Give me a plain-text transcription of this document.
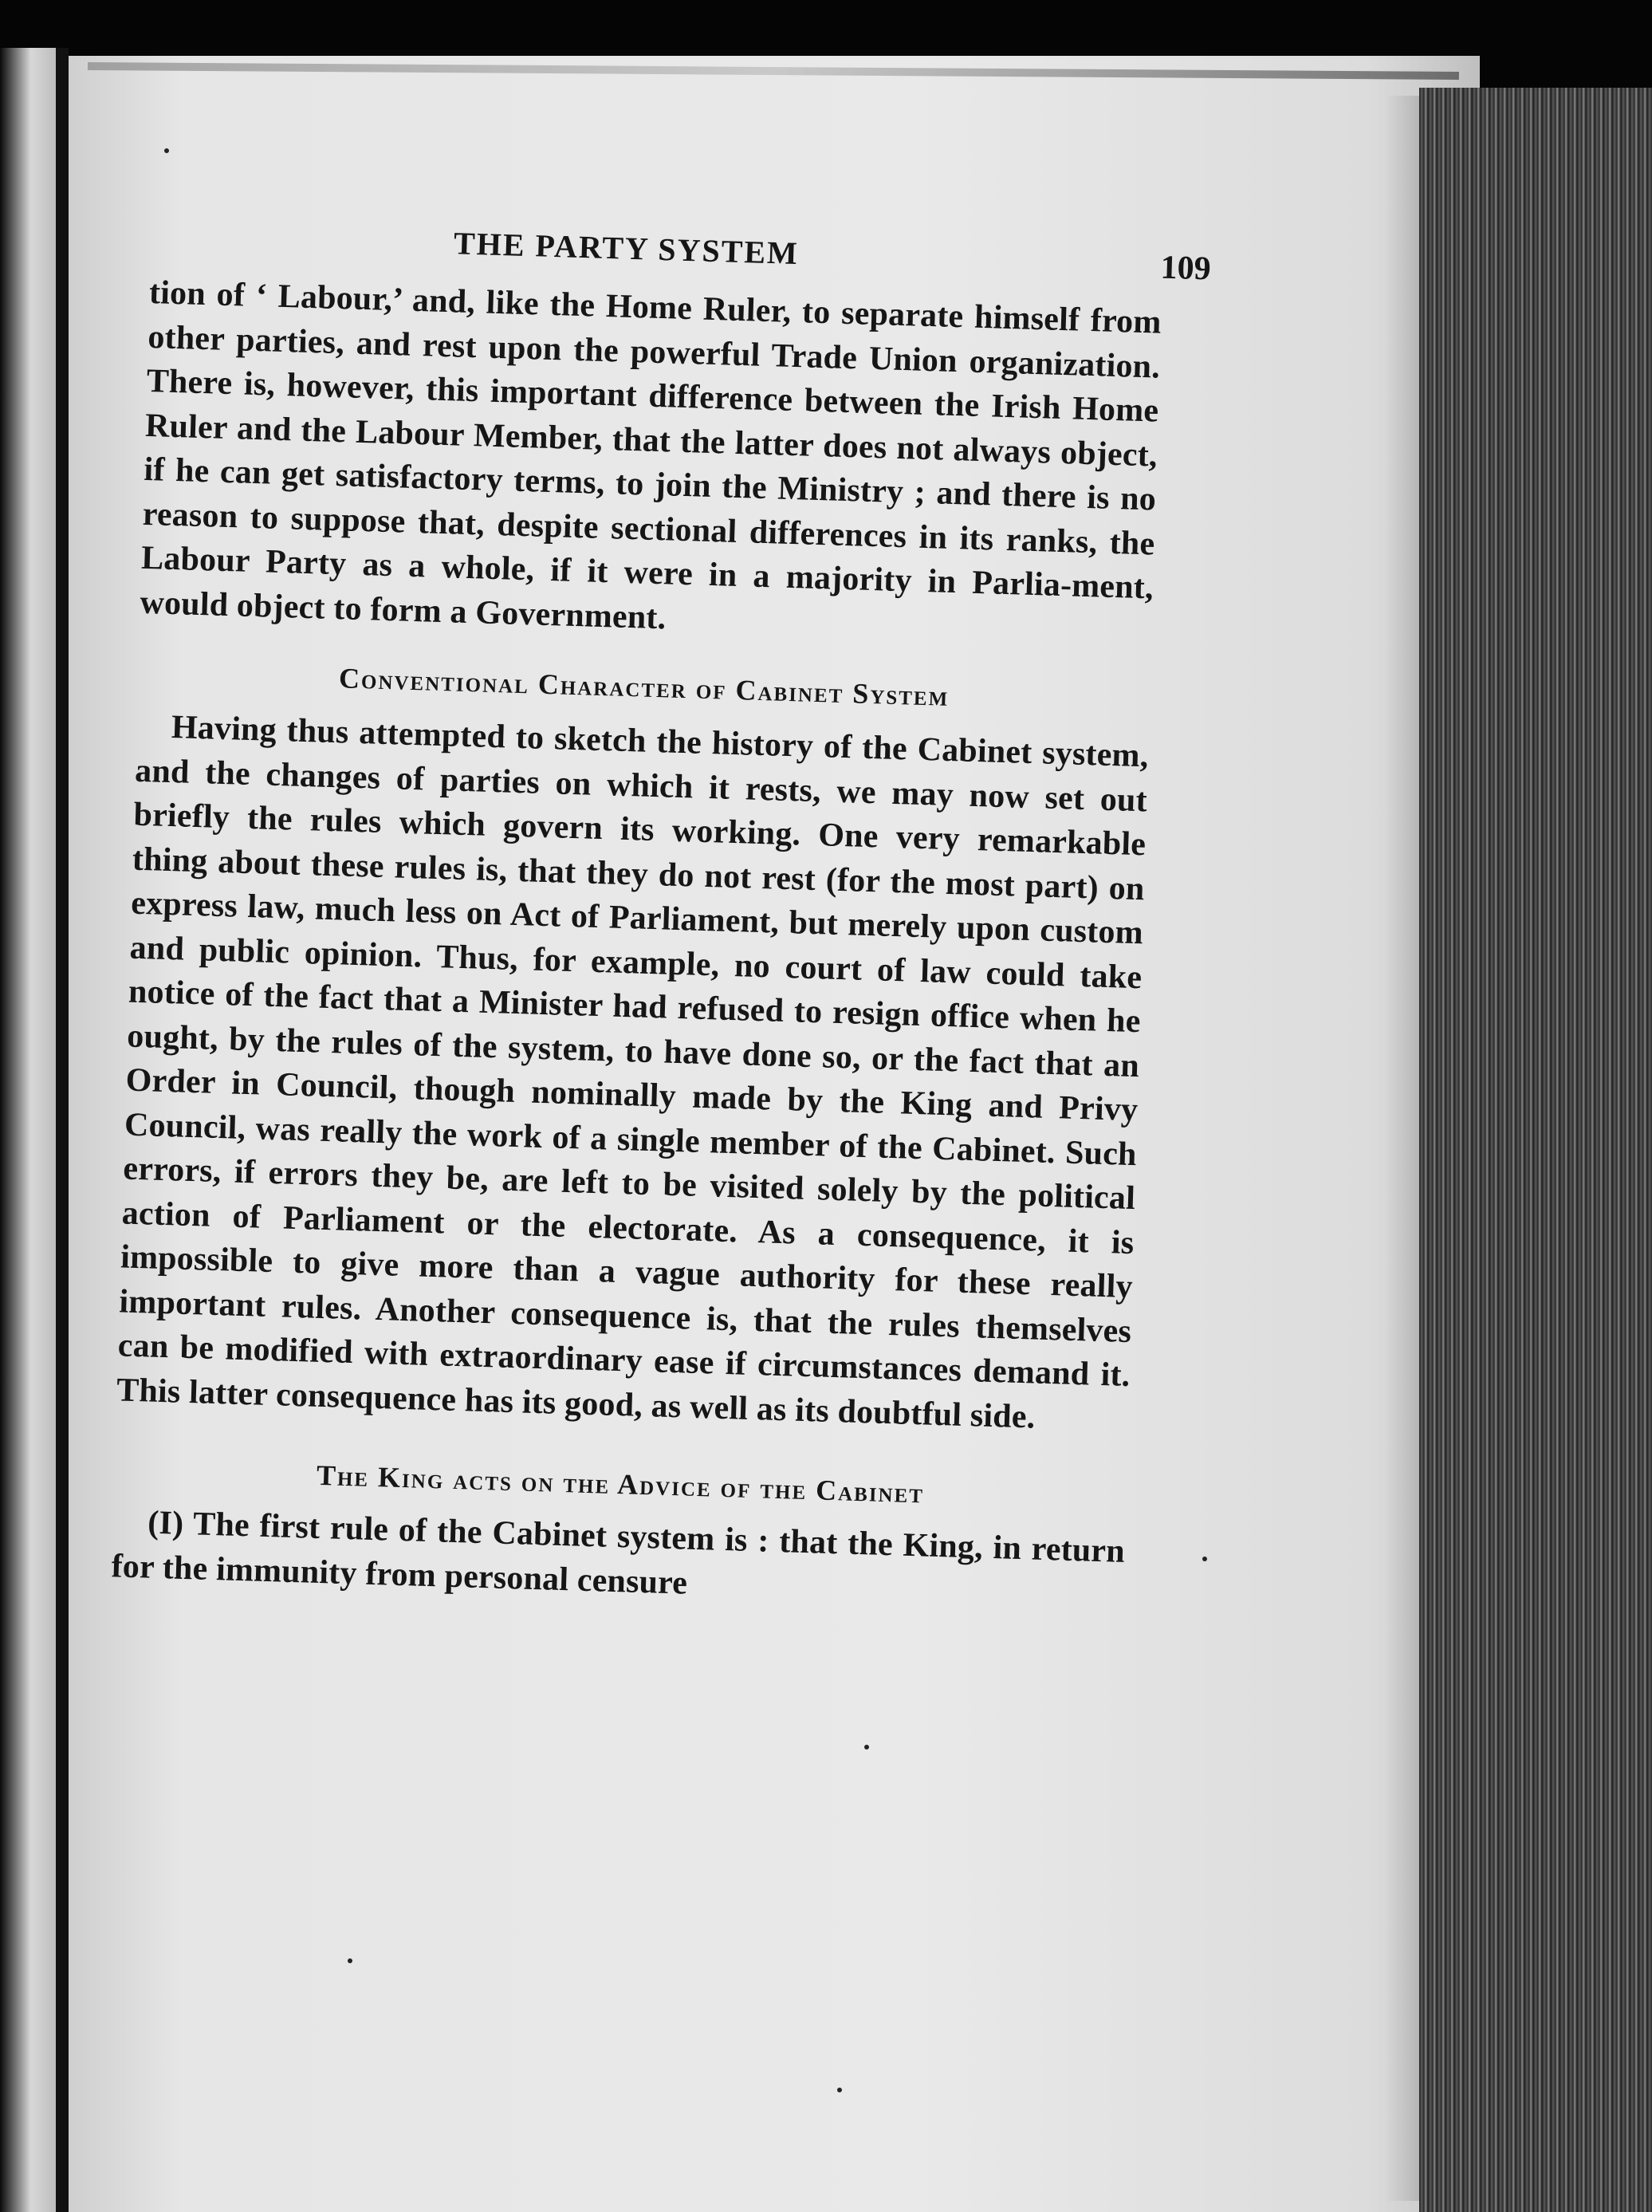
THE PARTY SYSTEM	109

tion of ‘ Labour,’ and, like the Home Ruler, to separate himself from other parties, and rest upon the powerful Trade Union organization. There is, however, this important difference between the Irish Home Ruler and the Labour Member, that the latter does not always object, if he can get satisfactory terms, to join the Ministry ; and there is no reason to suppose that, despite sectional differences in its ranks, the Labour Party as a whole, if it were in a majority in Parlia-ment, would object to form a Government.

Conventional Character of Cabinet System

Having thus attempted to sketch the history of the Cabinet system, and the changes of parties on which it rests, we may now set out briefly the rules which govern its working. One very remarkable thing about these rules is, that they do not rest (for the most part) on express law, much less on Act of Parliament, but merely upon custom and public opinion. Thus, for example, no court of law could take notice of the fact that a Minister had refused to resign office when he ought, by the rules of the system, to have done so, or the fact that an Order in Council, though nominally made by the King and Privy Council, was really the work of a single member of the Cabinet. Such errors, if errors they be, are left to be visited solely by the political action of Parliament or the electorate. As a consequence, it is impossible to give more than a vague authority for these really important rules. Another consequence is, that the rules themselves can be modified with extraordinary ease if circumstances demand it. This latter consequence has its good, as well as its doubtful side.

The King acts on the Advice of the Cabinet

(I) The first rule of the Cabinet system is : that the King, in return for the immunity from personal censure
